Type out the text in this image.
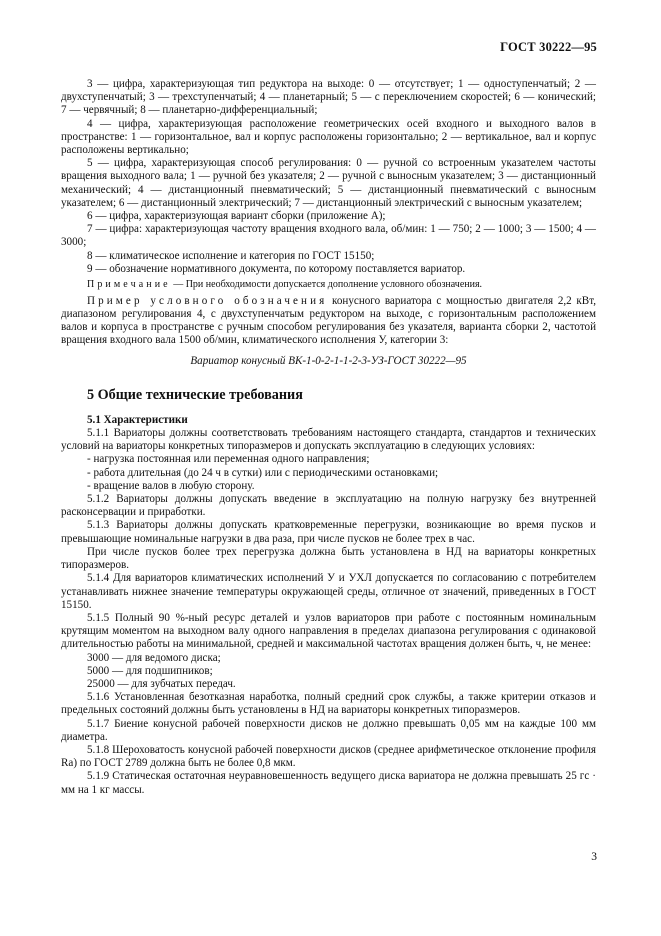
ГОСТ 30222—95

3 — цифра, характеризующая тип редуктора на выходе: 0 — отсутствует; 1 — одноступенчатый; 2 — двухступенчатый; 3 — трехступенчатый; 4 — планетарный; 5 — с переключением скоростей; 6 — конический; 7 — червячный; 8 — планетарно-дифференциальный;

4 — цифра, характеризующая расположение геометрических осей входного и выходного валов в пространстве: 1 — горизонтальное, вал и корпус расположены горизонтально; 2 — вертикальное, вал и корпус расположены вертикально;

5 — цифра, характеризующая способ регулирования: 0 — ручной со встроенным указателем частоты вращения выходного вала; 1 — ручной без указателя; 2 — ручной с выносным указателем; 3 — дистанционный механический; 4 — дистанционный пневматический; 5 — дистанционный пневматический с выносным указателем; 6 — дистанционный электрический; 7 — дистанционный электрический с выносным указателем;

6 — цифра, характеризующая вариант сборки (приложение А);

7 — цифра: характеризующая частоту вращения входного вала, об/мин: 1 — 750; 2 — 1000; 3 — 1500; 4 — 3000;

8 — климатическое исполнение и категория по ГОСТ 15150;

9 — обозначение нормативного документа, по которому поставляется вариатор.

Примечание — При необходимости допускается дополнение условного обозначения.

Пример условного обозначения конусного вариатора с мощностью двигателя 2,2 кВт, диапазоном регулирования 4, с двухступенчатым редуктором на выходе, с горизонтальным расположением валов и корпуса в пространстве с ручным способом регулирования без указателя, варианта сборки 2, частотой вращения входного вала 1500 об/мин, климатического исполнения У, категории 3:

Вариатор конусный ВК-1-0-2-1-1-2-3-УЗ-ГОСТ 30222—95

5 Общие технические требования
5.1 Характеристики

5.1.1 Вариаторы должны соответствовать требованиям настоящего стандарта, стандартов и технических условий на вариаторы конкретных типоразмеров и допускать эксплуатацию в следующих условиях:

- нагрузка постоянная или переменная одного направления;

- работа длительная (до 24 ч в сутки) или с периодическими остановками;

- вращение валов в любую сторону.

5.1.2 Вариаторы должны допускать введение в эксплуатацию на полную нагрузку без внутренней расконсервации и приработки.

5.1.3 Вариаторы должны допускать кратковременные перегрузки, возникающие во время пусков и превышающие номинальные нагрузки в два раза, при числе пусков не более трех в час.

При числе пусков более трех перегрузка должна быть установлена в НД на вариаторы конкретных типоразмеров.

5.1.4 Для вариаторов климатических исполнений У и УХЛ допускается по согласованию с потребителем устанавливать нижнее значение температуры окружающей среды, отличное от значений, приведенных в ГОСТ 15150.

5.1.5 Полный 90 %-ный ресурс деталей и узлов вариаторов при работе с постоянным номинальным крутящим моментом на выходном валу одного направления в пределах диапазона регулирования с одинаковой длительностью работы на минимальной, средней и максимальной частотах вращения должен быть, ч, не менее:

3000 — для ведомого диска;

5000 — для подшипников;

25000 — для зубчатых передач.

5.1.6 Установленная безотказная наработка, полный средний срок службы, а также критерии отказов и предельных состояний должны быть установлены в НД на вариаторы конкретных типоразмеров.

5.1.7 Биение конусной рабочей поверхности дисков не должно превышать 0,05 мм на каждые 100 мм диаметра.

5.1.8 Шероховатость конусной рабочей поверхности дисков (среднее арифметическое отклонение профиля Ra) по ГОСТ 2789 должна быть не более 0,8 мкм.

5.1.9 Статическая остаточная неуравновешенность ведущего диска вариатора не должна превышать 25 гс · мм на 1 кг массы.

3
